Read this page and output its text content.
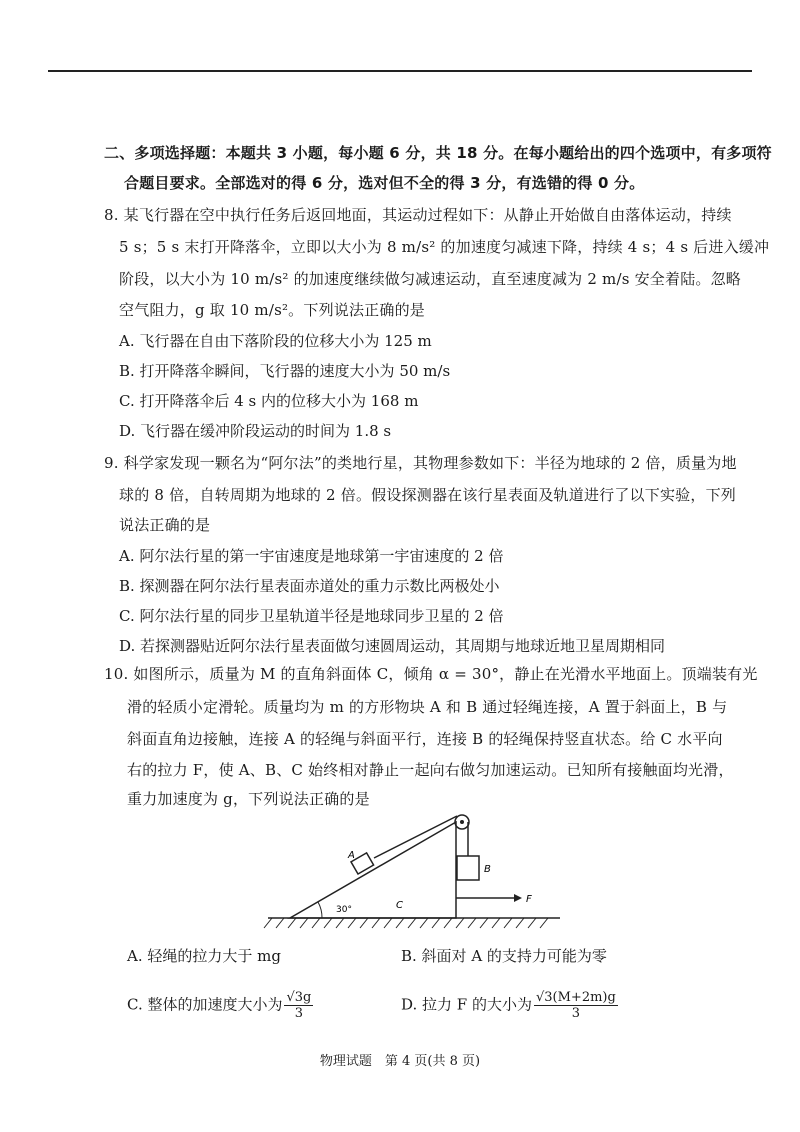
二、多项选择题：本题共 3 小题，每小题 6 分，共 18 分。在每小题给出的四个选项中，有多项符
合题目要求。全部选对的得 6 分，选对但不全的得 3 分，有选错的得 0 分。
8. 某飞行器在空中执行任务后返回地面，其运动过程如下：从静止开始做自由落体运动，持续
5 s；5 s 末打开降落伞，立即以大小为 8 m/s² 的加速度匀减速下降，持续 4 s；4 s 后进入缓冲
阶段，以大小为 10 m/s² 的加速度继续做匀减速运动，直至速度减为 2 m/s 安全着陆。忽略
空气阻力，g 取 10 m/s²。下列说法正确的是
A. 飞行器在自由下落阶段的位移大小为 125 m
B. 打开降落伞瞬间，飞行器的速度大小为 50 m/s
C. 打开降落伞后 4 s 内的位移大小为 168 m
D. 飞行器在缓冲阶段运动的时间为 1.8 s
9. 科学家发现一颗名为“阿尔法”的类地行星，其物理参数如下：半径为地球的 2 倍，质量为地
球的 8 倍，自转周期为地球的 2 倍。假设探测器在该行星表面及轨道进行了以下实验，下列
说法正确的是
A. 阿尔法行星的第一宇宙速度是地球第一宇宙速度的 2 倍
B. 探测器在阿尔法行星表面赤道处的重力示数比两极处小
C. 阿尔法行星的同步卫星轨道半径是地球同步卫星的 2 倍
D. 若探测器贴近阿尔法行星表面做匀速圆周运动，其周期与地球近地卫星周期相同
10. 如图所示，质量为 M 的直角斜面体 C，倾角 α = 30°，静止在光滑水平地面上。顶端装有光
滑的轻质小定滑轮。质量均为 m 的方形物块 A 和 B 通过轻绳连接，A 置于斜面上，B 与
斜面直角边接触，连接 A 的轻绳与斜面平行，连接 B 的轻绳保持竖直状态。给 C 水平向
右的拉力 F，使 A、B、C 始终相对静止一起向右做匀加速运动。已知所有接触面均光滑，
重力加速度为 g，下列说法正确的是
30°
A
B
C
F
A. 轻绳的拉力大于 mg	B. 斜面对 A 的支持力可能为零
C. 整体的加速度大小为 $\frac{√3g}{3}$	D. 拉力 F 的大小为 $\frac{√3(M+2m)g}{3}$
物理试题　第 4 页(共 8 页)
